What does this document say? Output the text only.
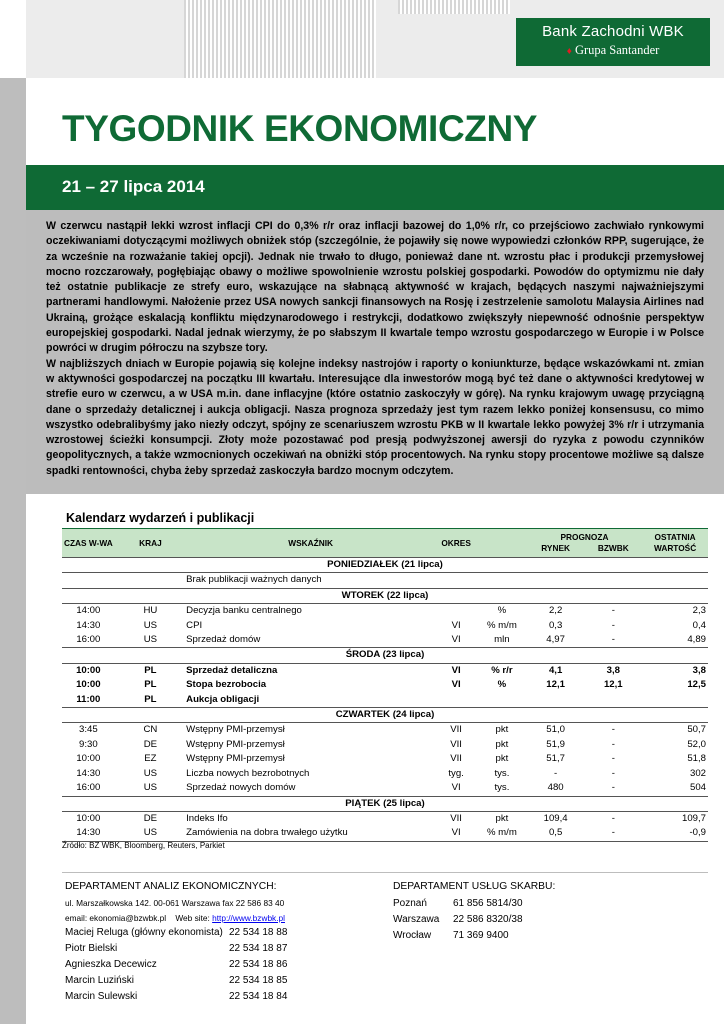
Bank Zachodni WBK
♦ Grupa Santander
TYGODNIK EKONOMICZNY
21 – 27 lipca 2014

W czerwcu nastąpił lekki wzrost inflacji CPI do 0,3% r/r oraz inflacji bazowej do 1,0% r/r, co przejściowo zachwiało rynkowymi oczekiwaniami dotyczącymi możliwych obniżek stóp (szczególnie, że pojawiły się nowe wypowiedzi członków RPP, sugerujące, że za wcześnie na rozważanie takiej opcji). Jednak nie trwało to długo, ponieważ dane nt. wzrostu płac i produkcji przemysłowej mocno rozczarowały, pogłębiając obawy o możliwe spowolnienie wzrostu polskiej gospodarki. Powodów do optymizmu nie dały też ostatnie publikacje ze strefy euro, wskazujące na słabnącą aktywność w krajach, będących naszymi najważniejszymi partnerami handlowymi. Nałożenie przez USA nowych sankcji finansowych na Rosję i zestrzelenie samolotu Malaysia Airlines nad Ukrainą, grożące eskalacją konfliktu międzynarodowego i restrykcji, dodatkowo zwiększyły niepewność odnośnie perspektyw europejskiej gospodarki. Nadal jednak wierzymy, że po słabszym II kwartale tempo wzrostu gospodarczego w Europie i w Polsce powróci w drugim półroczu na szybsze tory.

W najbliższych dniach w Europie pojawią się kolejne indeksy nastrojów i raporty o koniunkturze, będące wskazówkami nt. zmian w aktywności gospodarczej na początku III kwartału. Interesujące dla inwestorów mogą być też dane o aktywności kredytowej w strefie euro w czerwcu, a w USA m.in. dane inflacyjne (które ostatnio zaskoczyły w górę). Na rynku krajowym uwagę przyciągną dane o sprzedaży detalicznej i aukcja obligacji. Nasza prognoza sprzedaży jest tym razem lekko poniżej konsensusu, co mimo wszystko odebralibyśmy jako niezły odczyt, spójny ze scenariuszem wzrostu PKB w II kwartale lekko powyżej 3% r/r i utrzymania wzrostowej ścieżki konsumpcji. Złoty może pozostawać pod presją podwyższonej awersji do ryzyka z powodu czynników geopolitycznych, a także wzmocnionych oczekiwań na obniżki stóp procentowych. Na rynku stopy procentowe możliwe są dalsze spadki rentowności, chyba żeby sprzedaż zaskoczyła bardzo mocnym odczytem.

Kalendarz wydarzeń i publikacji
CZAS W-WA	KRAJ	WSKAŹNIK	OKRES		PROGNOZA		OSTATNIA WARTOŚĆ
					RYNEK	BZWBK	
PONIEDZIAŁEK (21 lipca)							
		Brak publikacji ważnych danych					
WTOREK (22 lipca)							
14:00	HU	Decyzja banku centralnego		%	2,2	-	2,3
14:30	US	CPI	VI	% m/m	0,3	-	0,4
16:00	US	Sprzedaż domów	VI	mln	4,97	-	4,89
ŚRODA (23 lipca)							
10:00	PL	Sprzedaż detaliczna	VI	% r/r	4,1	3,8	3,8
10:00	PL	Stopa bezrobocia	VI	%	12,1	12,1	12,5
11:00	PL	Aukcja obligacji					
CZWARTEK (24 lipca)							
3:45	CN	Wstępny PMI-przemysł	VII	pkt	51,0	-	50,7
9:30	DE	Wstępny PMI-przemysł	VII	pkt	51,9	-	52,0
10:00	EZ	Wstępny PMI-przemysł	VII	pkt	51,7	-	51,8
14:30	US	Liczba nowych bezrobotnych	tyg.	tys.	-	-	302
16:00	US	Sprzedaż nowych domów	VI	tys.	480	-	504
PIĄTEK (25 lipca)							
10:00	DE	Indeks Ifo	VII	pkt	109,4	-	109,7
14:30	US	Zamówienia na dobra trwałego użytku	VI	% m/m	0,5	-	-0,9
Źródło: BZ WBK, Bloomberg, Reuters, Parkiet
DEPARTAMENT ANALIZ EKONOMICZNYCH:
ul. Marszałkowska 142. 00-061 Warszawa fax 22 586 83 40
email: ekonomia@bzwbk.pl Web site: http://www.bzwbk.pl
Maciej Reluga (główny ekonomista) 22 534 18 88
Piotr Bielski	22 534 18 87
Agnieszka Decewicz	22 534 18 86
Marcin Luziński	22 534 18 85
Marcin Sulewski	22 534 18 84
DEPARTAMENT USŁUG SKARBU:
Poznań	61 856 5814/30
Warszawa 22 586 8320/38
Wrocław 71 369 9400
